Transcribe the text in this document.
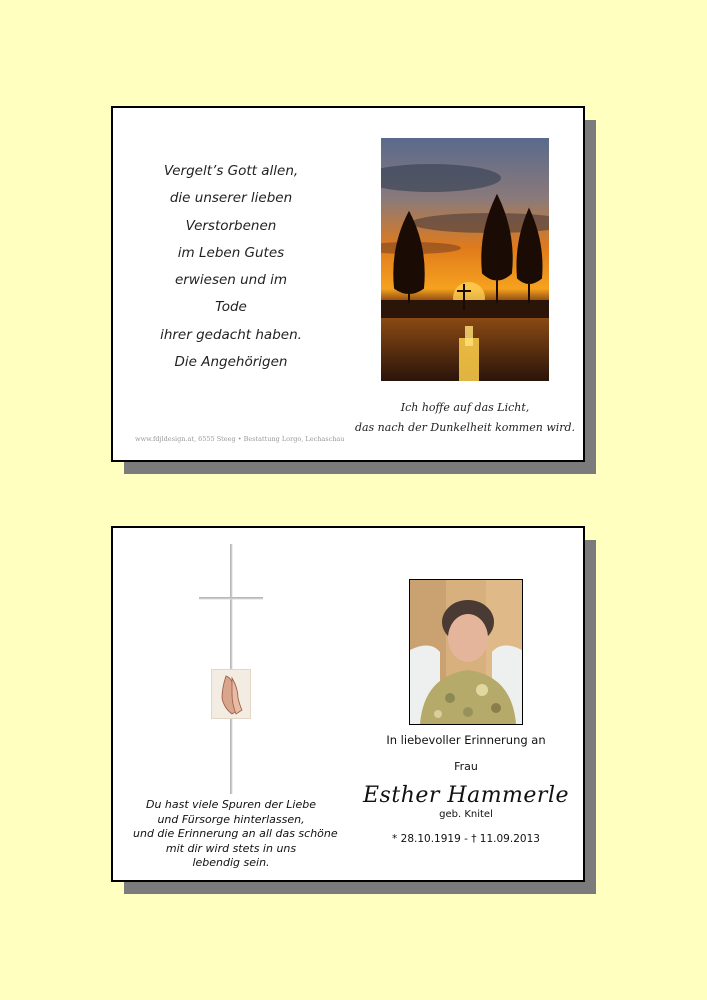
Vergelt’s Gott allen,
die unserer lieben
Verstorbenen
im Leben Gutes
erwiesen und im
Tode
ihrer gedacht haben.
Die Angehörigen
Ich hoffe auf das Licht,
das nach der Dunkelheit kommen wird.
www.fdjldesign.at, 6555 Steeg • Bestattung Lorgo, Lechaschau
Du hast viele Spuren der Liebe
und Fürsorge hinterlassen,
und die Erinnerung an all das schöne
mit dir wird stets in uns
lebendig sein.
In liebevoller Erinnerung an
Frau
Esther Hammerle
geb. Knitel
* 28.10.1919 - † 11.09.2013
